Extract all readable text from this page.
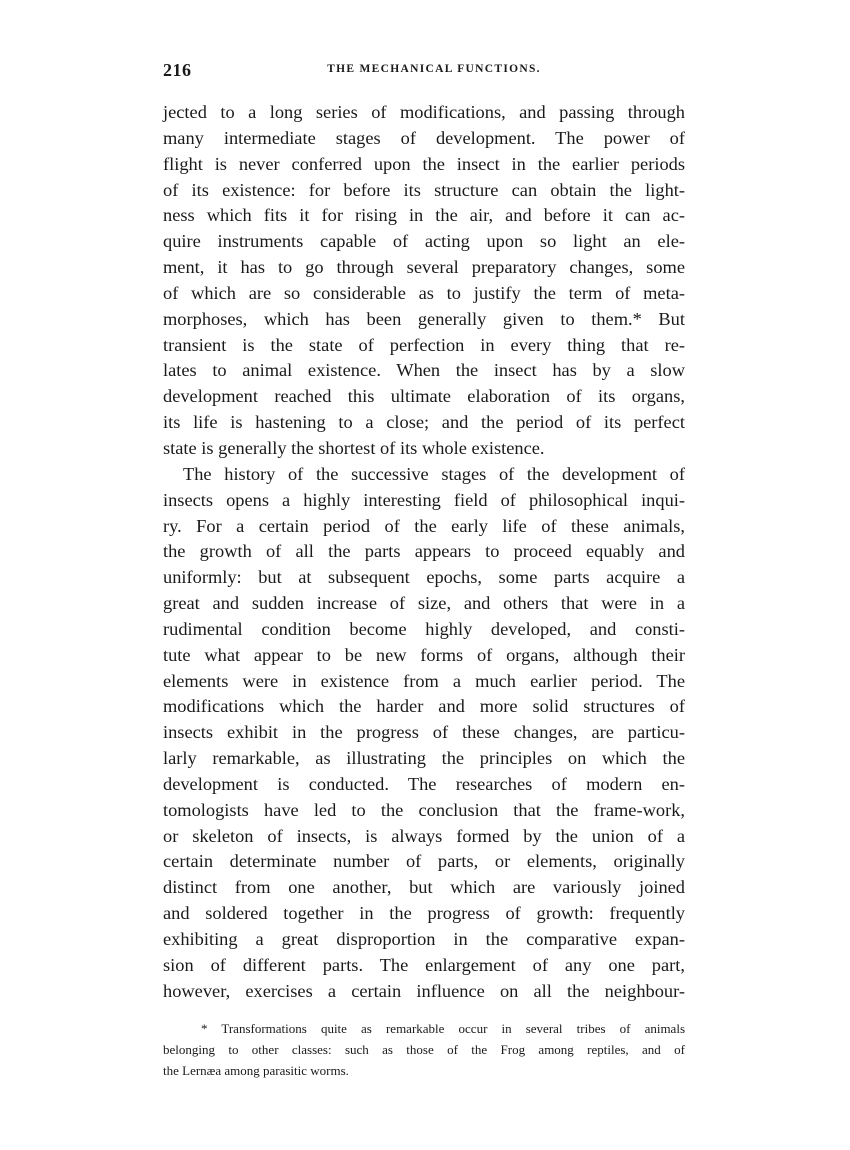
216	THE MECHANICAL FUNCTIONS.
jected to a long series of modifications, and passing through
many intermediate stages of development. The power of
flight is never conferred upon the insect in the earlier periods
of its existence: for before its structure can obtain the light-
ness which fits it for rising in the air, and before it can ac-
quire instruments capable of acting upon so light an ele-
ment, it has to go through several preparatory changes, some
of which are so considerable as to justify the term of meta-
morphoses, which has been generally given to them.* But
transient is the state of perfection in every thing that re-
lates to animal existence. When the insect has by a slow
development reached this ultimate elaboration of its organs,
its life is hastening to a close; and the period of its perfect
state is generally the shortest of its whole existence.
The history of the successive stages of the development of
insects opens a highly interesting field of philosophical inqui-
ry. For a certain period of the early life of these animals,
the growth of all the parts appears to proceed equably and
uniformly: but at subsequent epochs, some parts acquire a
great and sudden increase of size, and others that were in a
rudimental condition become highly developed, and consti-
tute what appear to be new forms of organs, although their
elements were in existence from a much earlier period. The
modifications which the harder and more solid structures of
insects exhibit in the progress of these changes, are particu-
larly remarkable, as illustrating the principles on which the
development is conducted. The researches of modern en-
tomologists have led to the conclusion that the frame-work,
or skeleton of insects, is always formed by the union of a
certain determinate number of parts, or elements, originally
distinct from one another, but which are variously joined
and soldered together in the progress of growth: frequently
exhibiting a great disproportion in the comparative expan-
sion of different parts. The enlargement of any one part,
however, exercises a certain influence on all the neighbour-
* Transformations quite as remarkable occur in several tribes of animals
belonging to other classes: such as those of the Frog among reptiles, and of
the Lernæa among parasitic worms.
